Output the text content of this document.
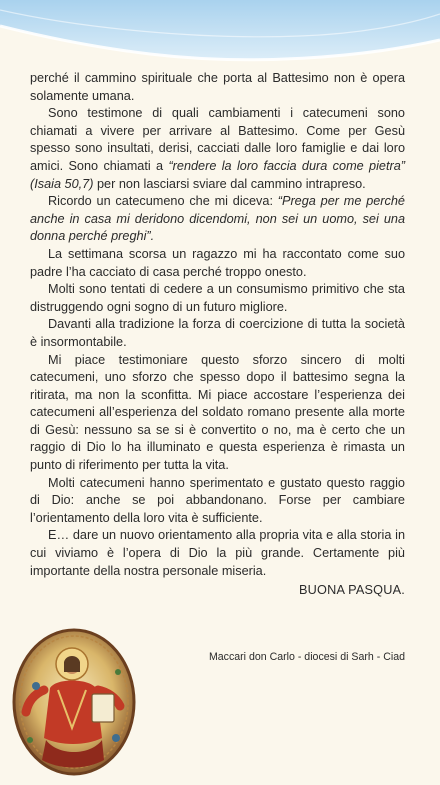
perché il cammino spirituale che porta al Battesimo non è opera solamente umana.

Sono testimone di quali cambiamenti i catecumeni sono chiamati a vivere per arrivare al Battesimo. Come per Gesù spesso sono insultati, derisi, cacciati dalle loro famiglie e dai loro amici. Sono chiamati a “rendere la loro faccia dura come pietra” (Isaia 50,7) per non lasciarsi sviare dal cammino intrapreso.

Ricordo un catecumeno che mi diceva: “Prega per me perché anche in casa mi deridono dicendomi, non sei un uomo, sei una donna perché preghi”.

La settimana scorsa un ragazzo mi ha raccontato come suo padre l’ha cacciato di casa perché troppo onesto.

Molti sono tentati di cedere a un consumismo primitivo che sta distruggendo ogni sogno di un futuro migliore.

Davanti alla tradizione la forza di coercizione di tutta la società è insormontabile.

Mi piace testimoniare questo sforzo sincero di molti catecumeni, uno sforzo che spesso dopo il battesimo segna la ritirata, ma non la sconfitta. Mi piace accostare l’esperienza dei catecumeni all’esperienza del soldato romano presente alla morte di Gesù: nessuno sa se si è convertito o no, ma è certo che un raggio di Dio lo ha illuminato e questa esperienza è rimasta un punto di riferimento per tutta la vita.

Molti catecumeni hanno sperimentato e gustato questo raggio di Dio: anche se poi abbandonano. Forse per cambiare l’orientamento della loro vita è sufficiente.

E… dare un nuovo orientamento alla propria vita e alla storia in cui viviamo è l’opera di Dio la più grande. Certamente più importante della nostra personale miseria.

BUONA PASQUA.

Maccari don Carlo - diocesi di Sarh - Ciad
